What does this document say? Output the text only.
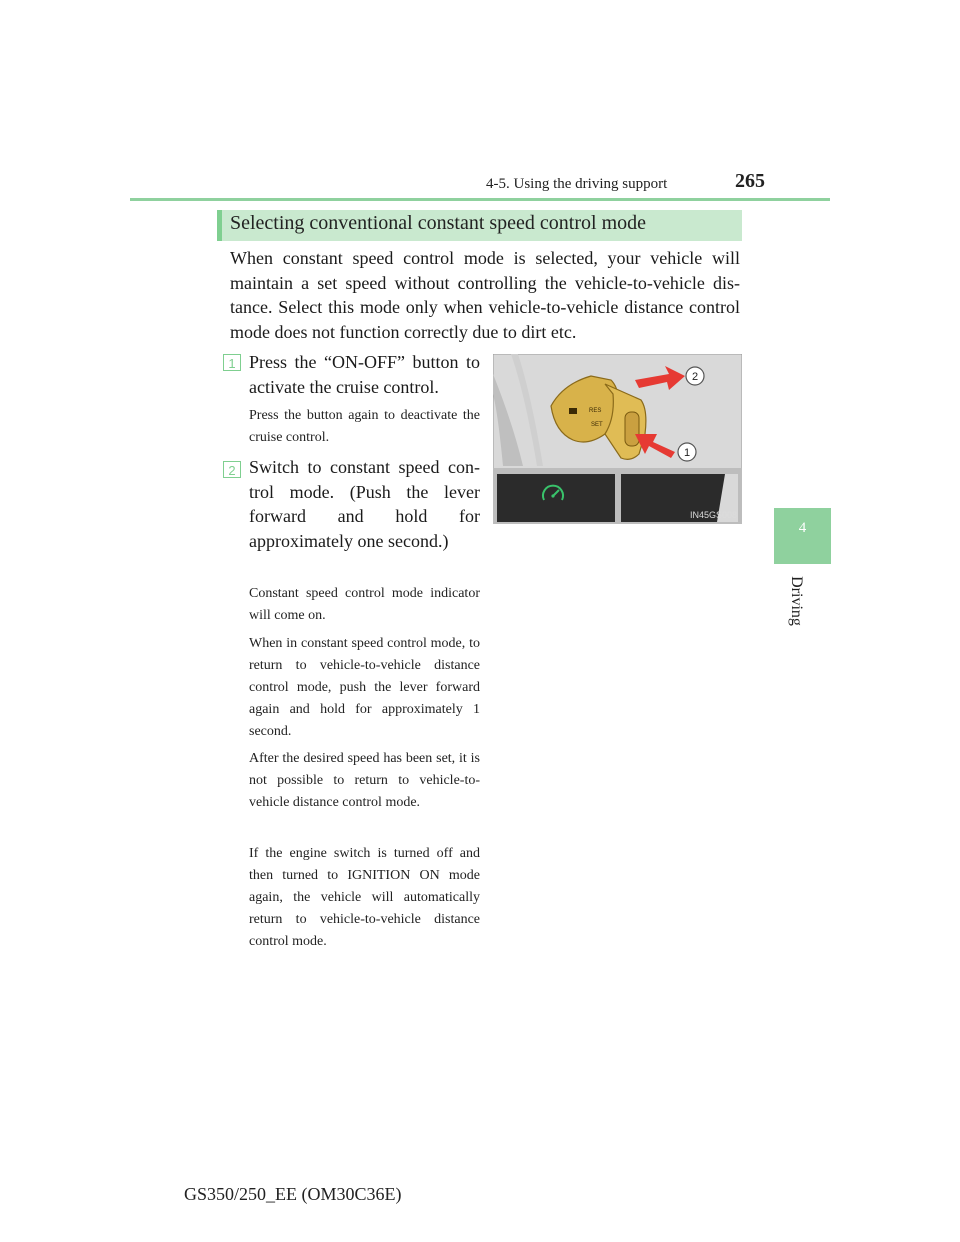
4-5. Using the driving support	265
4
Driving
Selecting conventional constant speed control mode
When constant speed control mode is selected, your vehicle will maintain a set speed without controlling the vehicle-to-vehicle distance. Select this mode only when vehicle-to-vehicle distance control mode does not function correctly due to dirt etc.
1 Press the “ON-OFF” button to activate the cruise control.
Press the button again to deactivate the cruise control.
2 Switch to constant speed control mode. (Push the lever forward and hold for approximately one second.)
Constant speed control mode indicator will come on.
When in constant speed control mode, to return to vehicle-to-vehicle distance control mode, push the lever forward again and hold for approximately 1 second.
After the desired speed has been set, it is not possible to return to vehicle-to-vehicle distance control mode.
If the engine switch is turned off and then turned to IGNITION ON mode again, the vehicle will automatically return to vehicle-to-vehicle distance control mode.
RES
SET
2
1
IN45GS008
GS350/250_EE (OM30C36E)
